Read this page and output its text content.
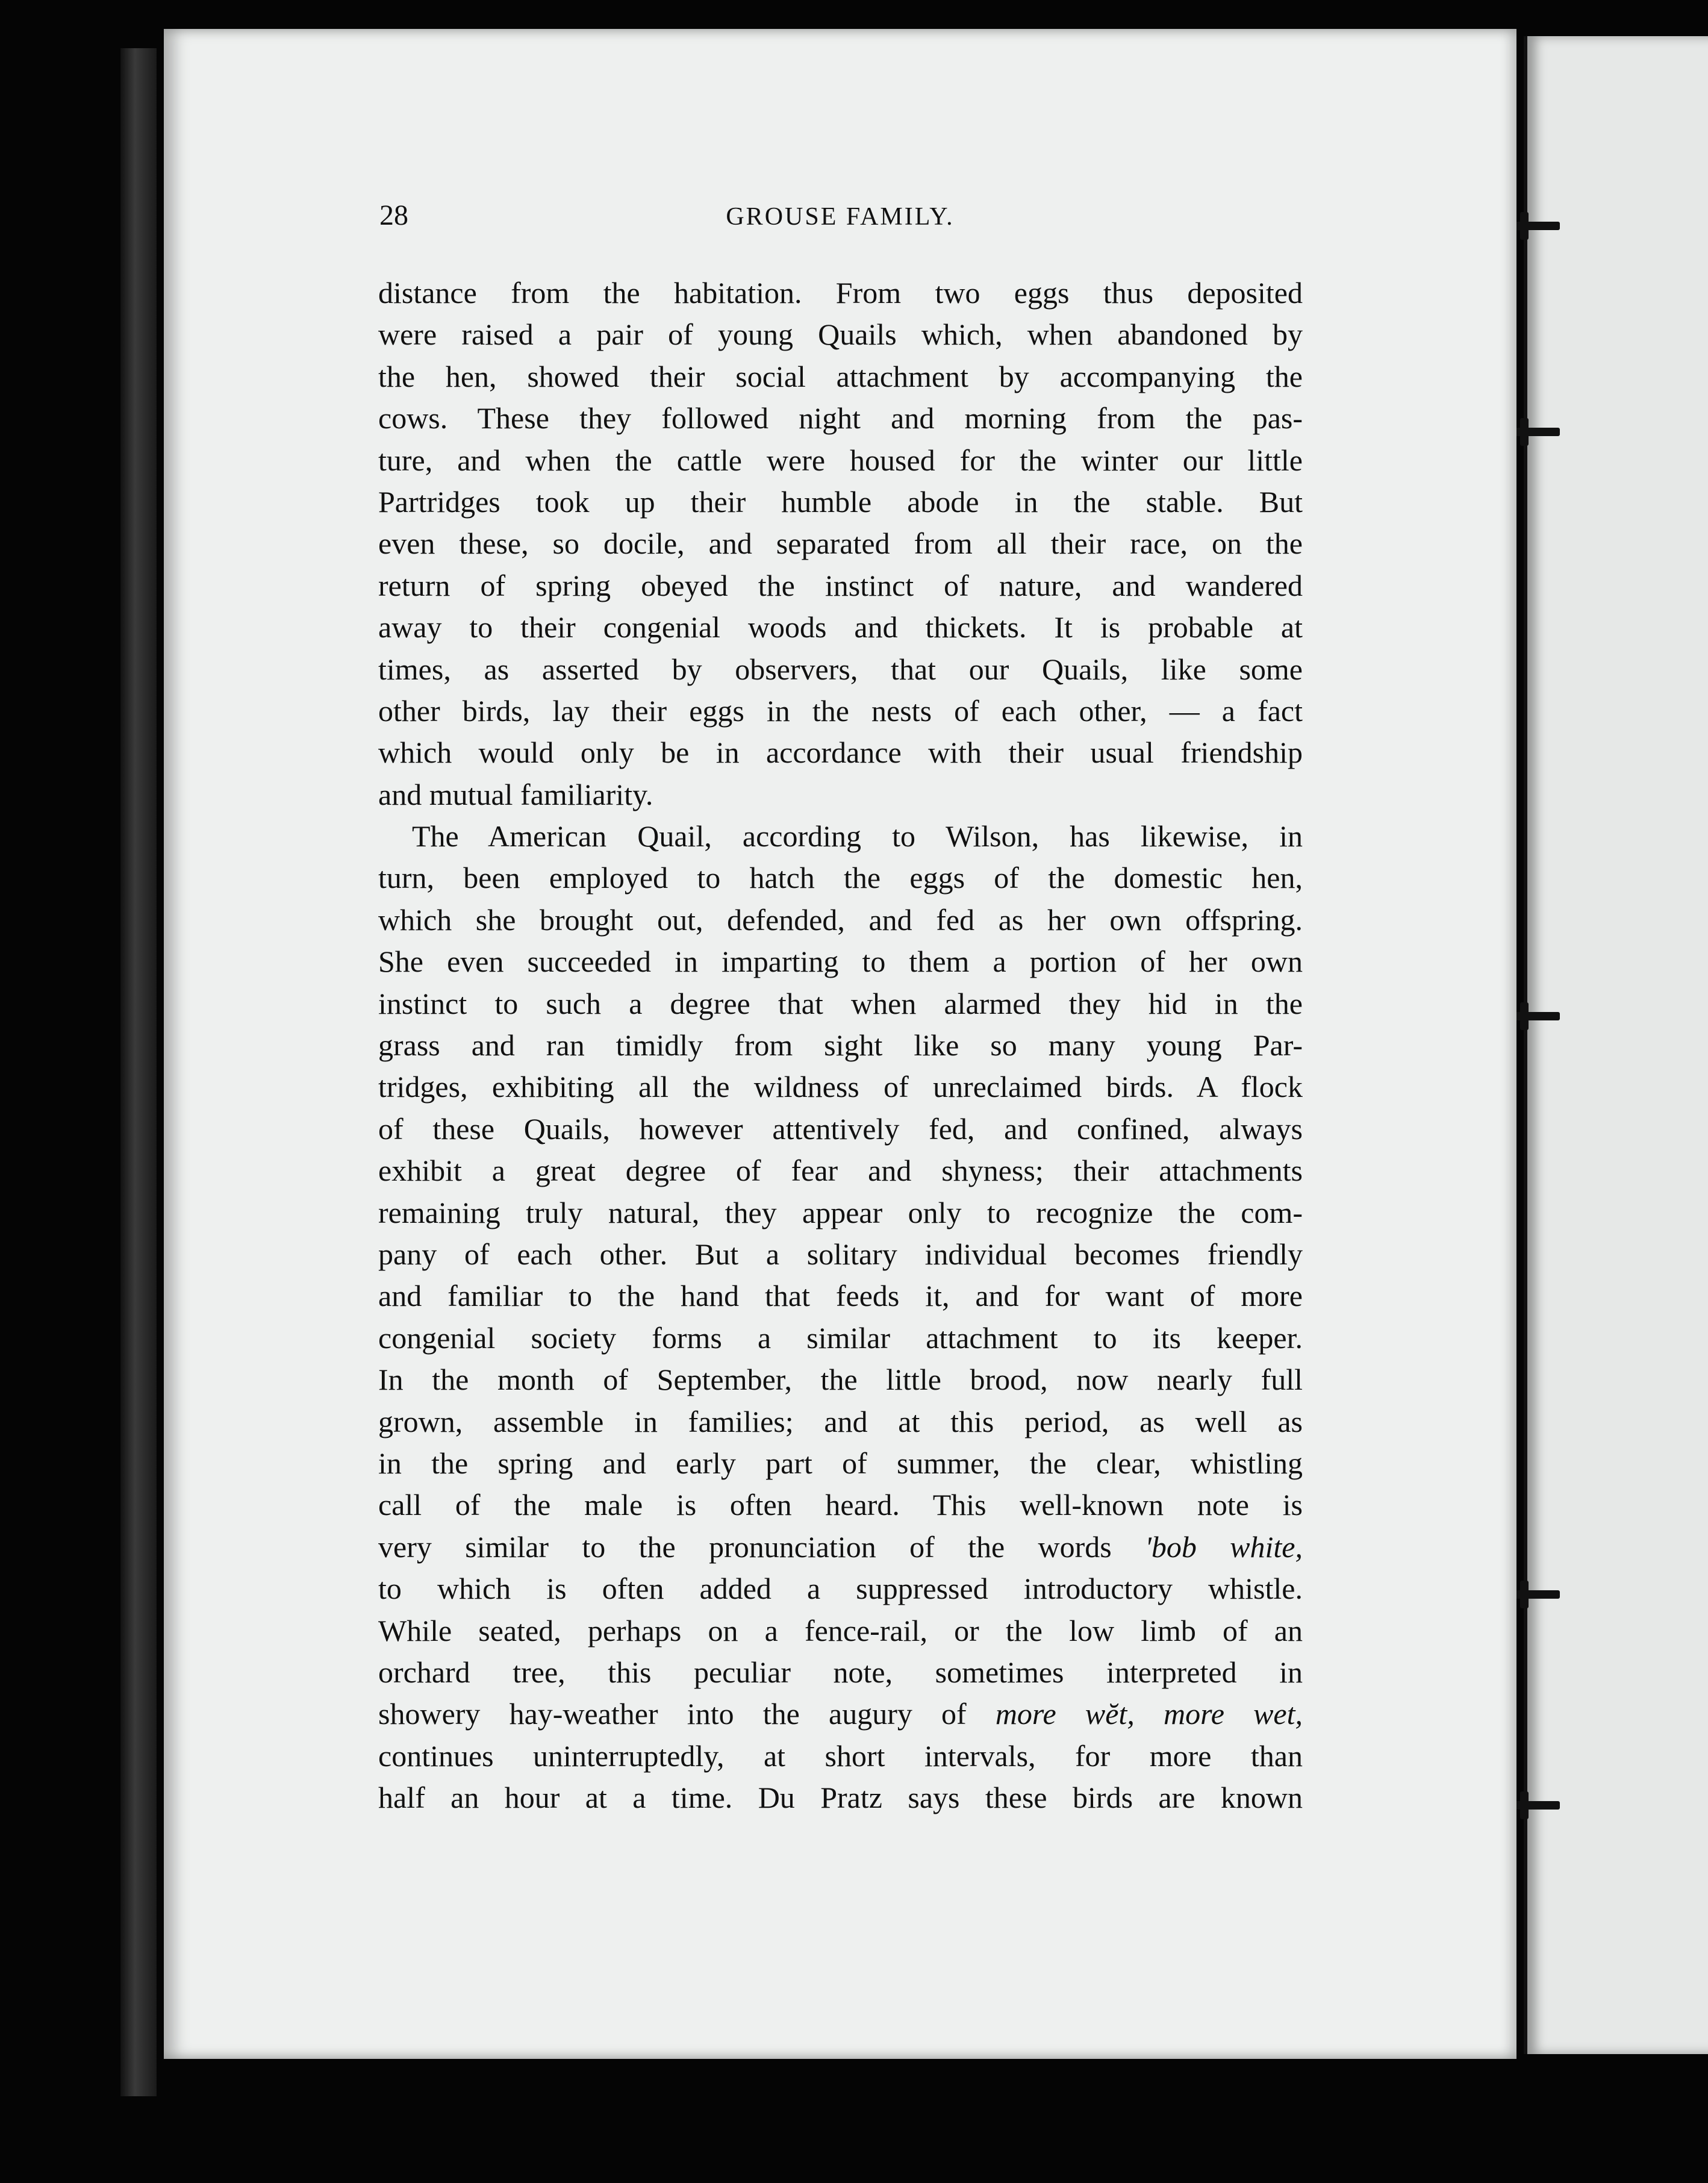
28	GROUSE FAMILY.
distance from the habitation. From two eggs thus deposited
were raised a pair of young Quails which, when abandoned by
the hen, showed their social attachment by accompanying the
cows. These they followed night and morning from the pas-
ture, and when the cattle were housed for the winter our little
Partridges took up their humble abode in the stable. But
even these, so docile, and separated from all their race, on the
return of spring obeyed the instinct of nature, and wandered
away to their congenial woods and thickets. It is probable at
times, as asserted by observers, that our Quails, like some
other birds, lay their eggs in the nests of each other, — a fact
which would only be in accordance with their usual friendship
and mutual familiarity.
The American Quail, according to Wilson, has likewise, in
turn, been employed to hatch the eggs of the domestic hen,
which she brought out, defended, and fed as her own offspring.
She even succeeded in imparting to them a portion of her own
instinct to such a degree that when alarmed they hid in the
grass and ran timidly from sight like so many young Par-
tridges, exhibiting all the wildness of unreclaimed birds. A flock
of these Quails, however attentively fed, and confined, always
exhibit a great degree of fear and shyness; their attachments
remaining truly natural, they appear only to recognize the com-
pany of each other. But a solitary individual becomes friendly
and familiar to the hand that feeds it, and for want of more
congenial society forms a similar attachment to its keeper.
In the month of September, the little brood, now nearly full
grown, assemble in families; and at this period, as well as
in the spring and early part of summer, the clear, whistling
call of the male is often heard. This well-known note is
very similar to the pronunciation of the words 'bob white,
to which is often added a suppressed introductory whistle.
While seated, perhaps on a fence-rail, or the low limb of an
orchard tree, this peculiar note, sometimes interpreted in
showery hay-weather into the augury of more wĕt, more wet,
continues uninterruptedly, at short intervals, for more than
half an hour at a time. Du Pratz says these birds are known
